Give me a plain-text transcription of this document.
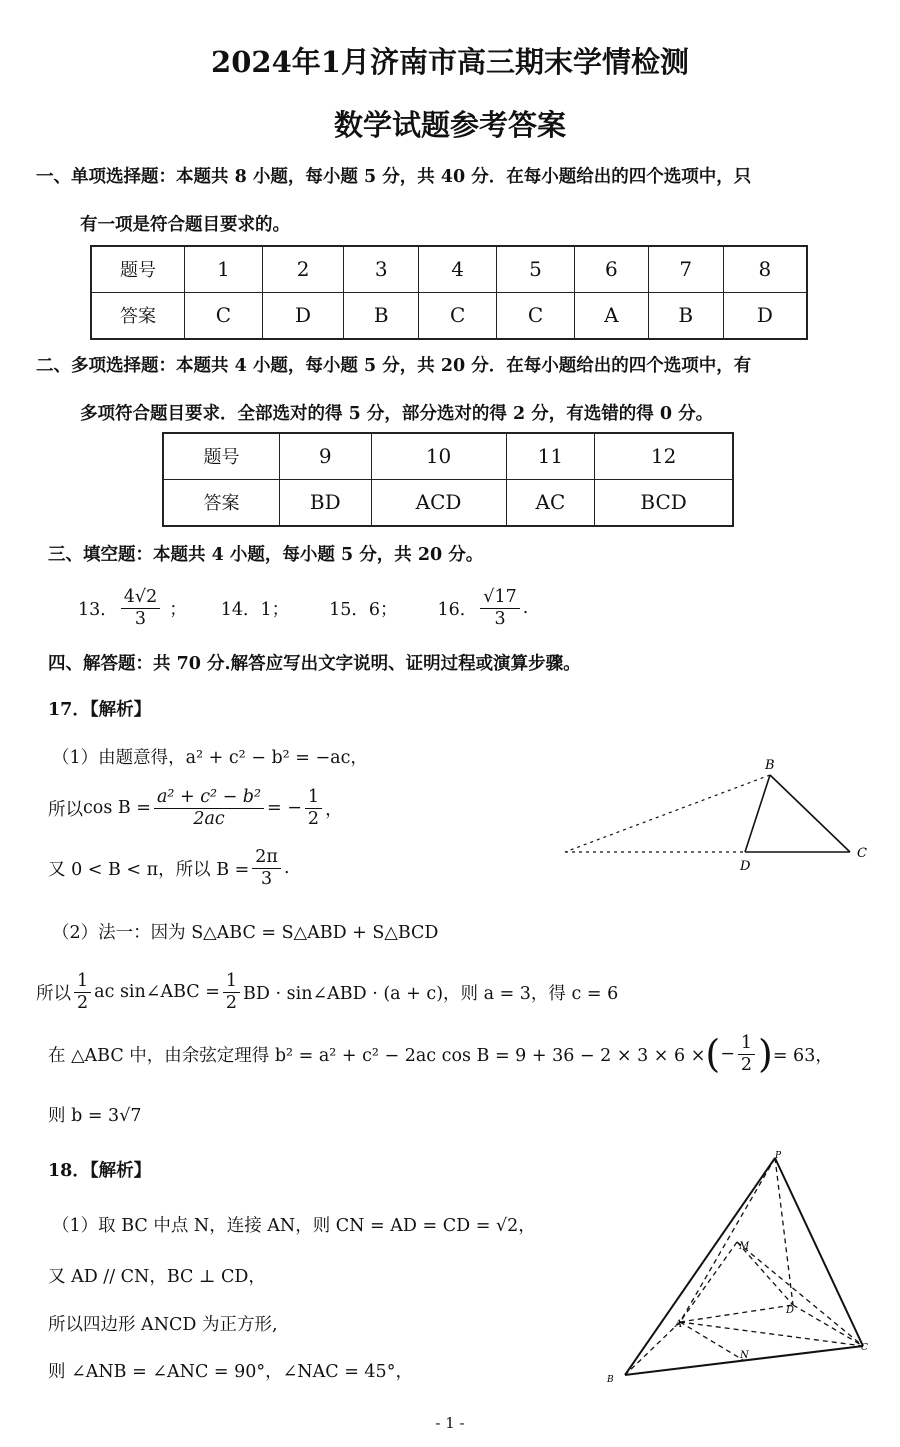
2024年1月济南市高三期末学情检测
数学试题参考答案
一、单项选择题：本题共 8 小题，每小题 5 分，共 40 分．在每小题给出的四个选项中，只
有一项是符合题目要求的。
题号	1	2	3	4	5	6	7	8
答案	C	D	B	C	C	A	B	D
二、多项选择题：本题共 4 小题，每小题 5 分，共 20 分．在每小题给出的四个选项中，有
多项符合题目要求．全部选对的得 5 分，部分选对的得 2 分，有选错的得 0 分。
题号	9	10	11	12
答案	BD	ACD	AC	BCD
三、填空题：本题共 4 小题，每小题 5 分，共 20 分。
13． $\frac{4√2}{3}$ ； 14．1； 15．6； 16． $\frac{√17}{3}$ .
四、解答题：共 70 分.解答应写出文字说明、证明过程或演算步骤。
17．【解析】
（1）由题意得，a² + c² − b² = −ac，
所以 $\cos B = \frac{\text{a² + c² − b²}}{2ac}$ = − $\frac{1}{2}$ ，
又 0 < B < π，所以 $B = \frac{2\pi}{3}$ .
（2）法一：因为 S△ABC = S△ABD + S△BCD
所以 $\frac{1}{2}$ ac sin∠ABC = $\frac{1}{2}$ BD · sin∠ABD · (a + c)，则 a = 3，得 c = 6
在 △ABC 中，由余弦定理得 b² = a² + c² − 2ac cos B = 9 + 36 − 2 × 3 × 6 × ( − $\frac{1}{2}$ ) = 63，
则 b = 3√7
B
C
D
18．【解析】
（1）取 BC 中点 N，连接 AN，则 CN = AD = CD = √2，
又 AD // CN，BC ⊥ CD，
所以四边形 ANCD 为正方形,
则 ∠ANB = ∠ANC = 90°，∠NAC = 45°，
P
M
D
A
N
B
C
- 1 -
